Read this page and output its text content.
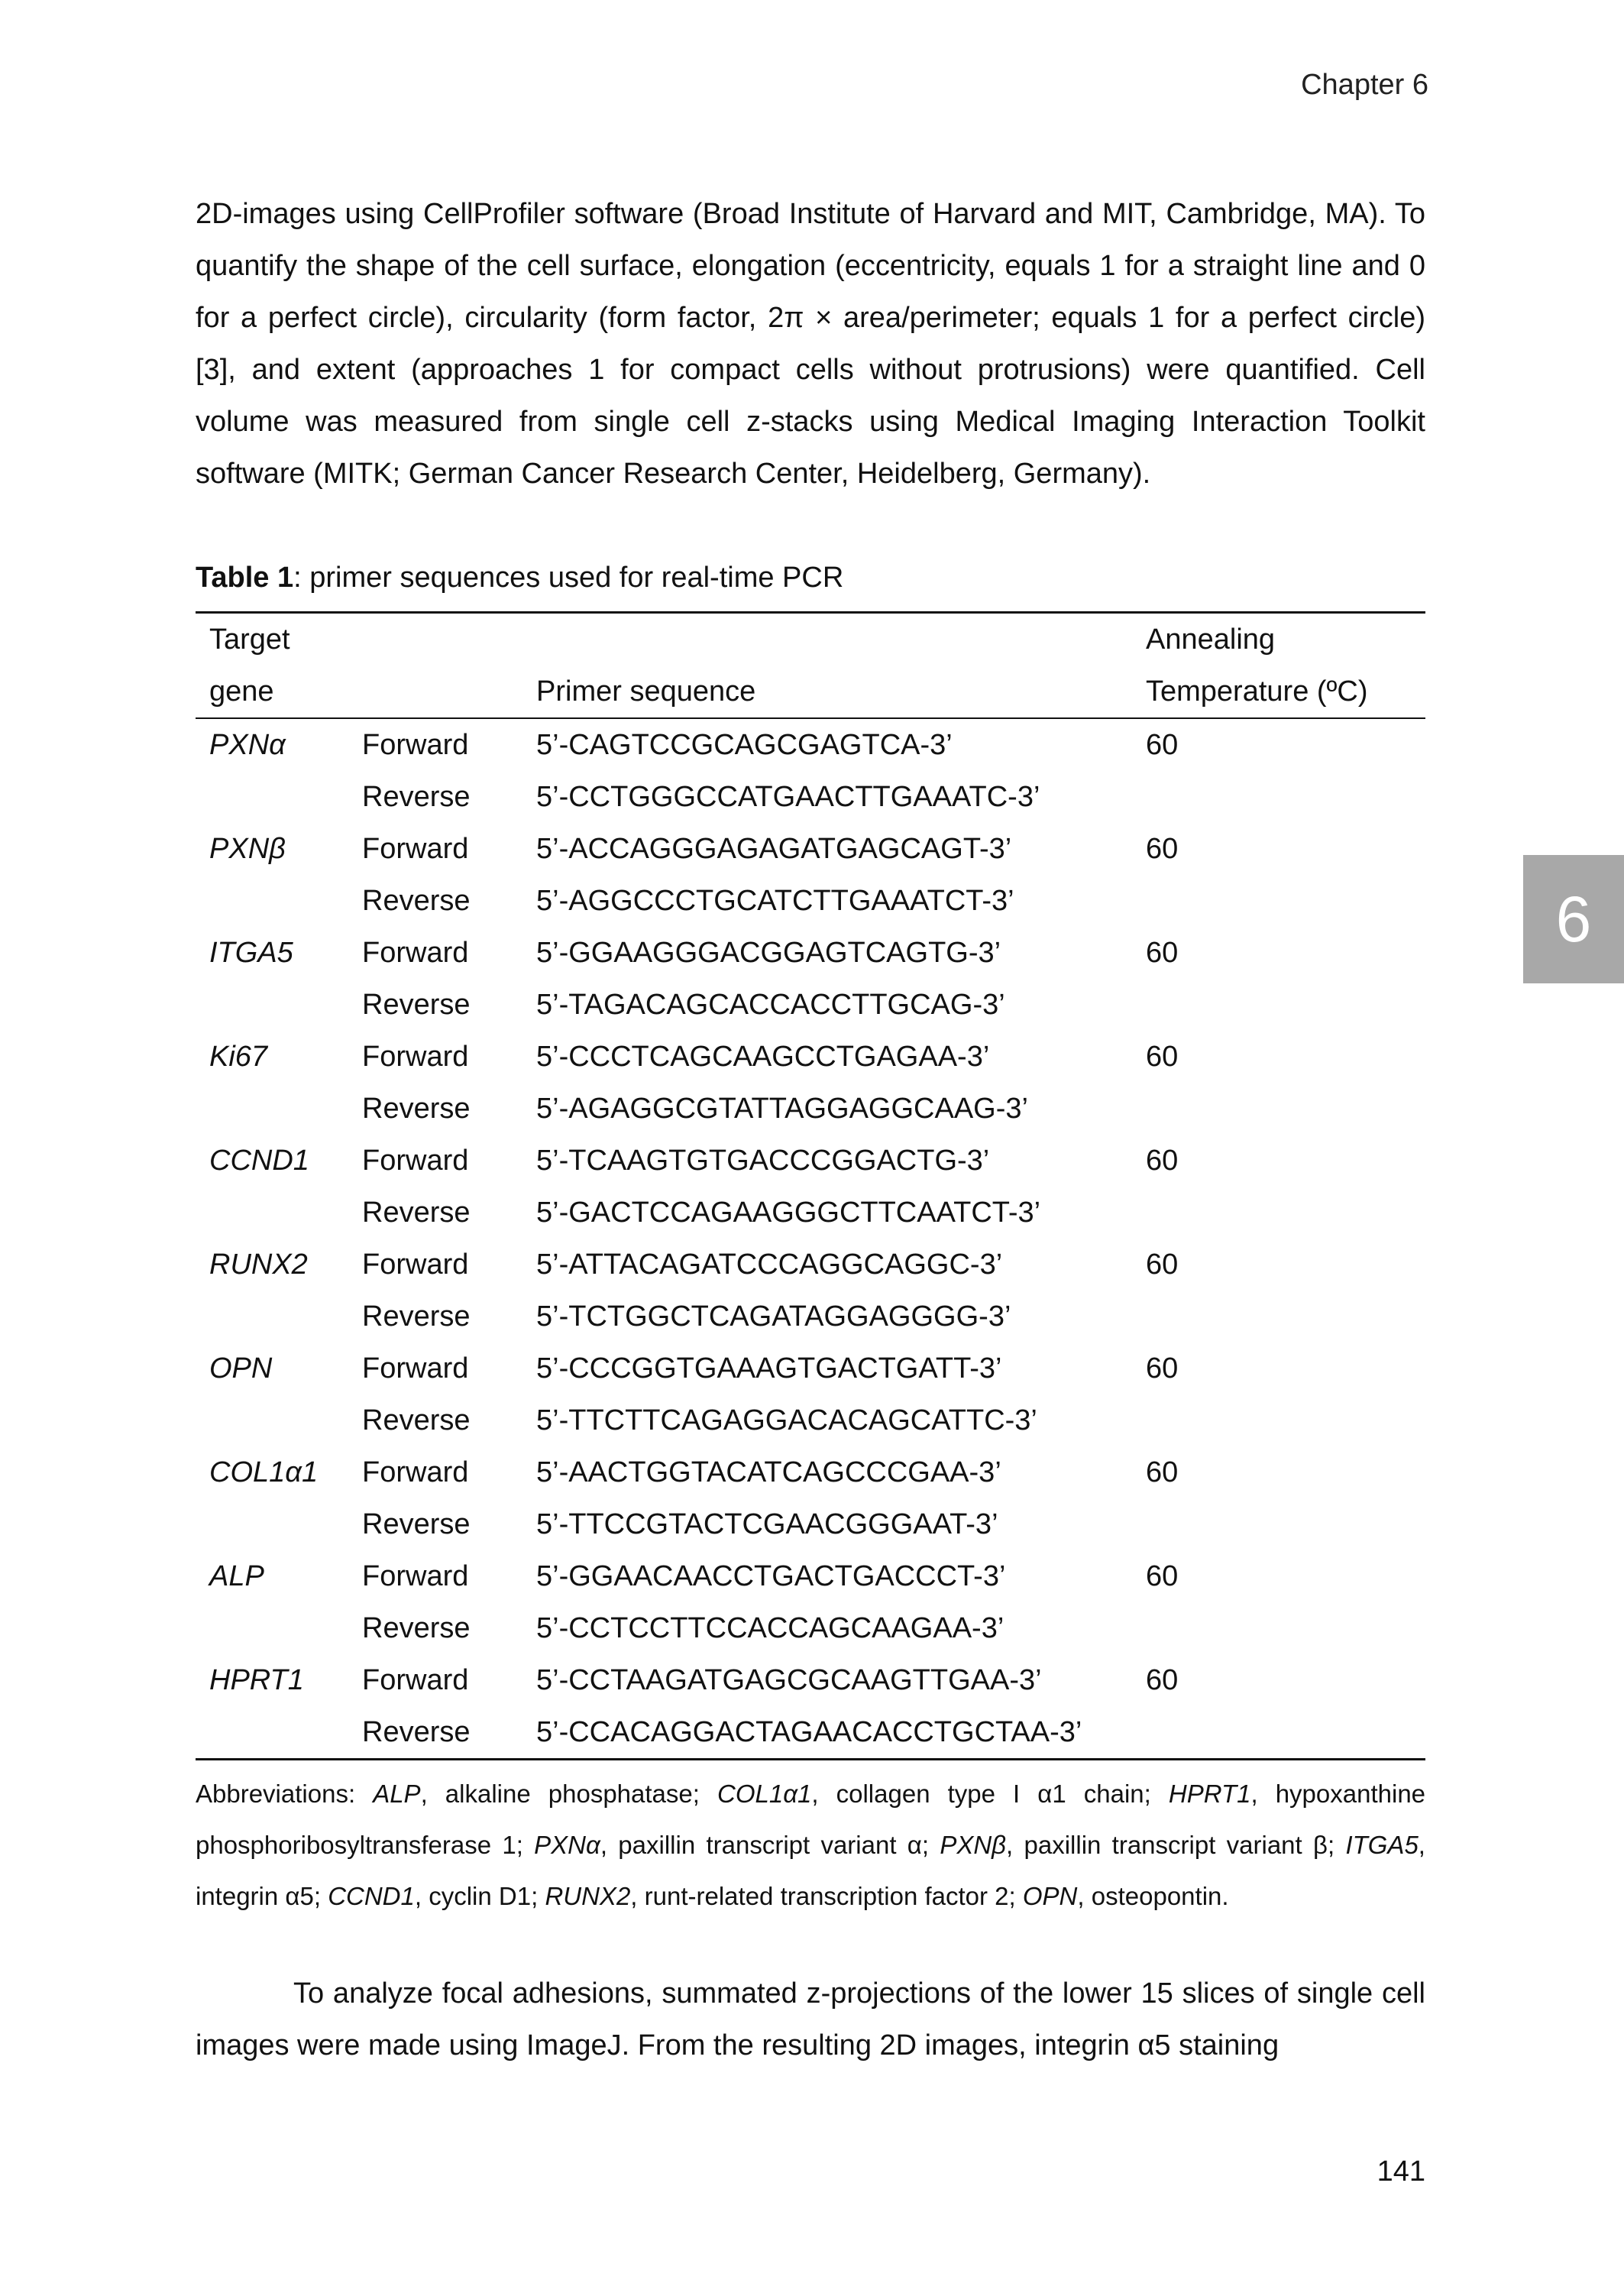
Chapter 6
6

2D-images using CellProfiler software (Broad Institute of Harvard and MIT, Cambridge, MA). To quantify the shape of the cell surface, elongation (eccentricity, equals 1 for a straight line and 0 for a perfect circle), circularity (form factor, 2π × area/perimeter; equals 1 for a perfect circle) [3], and extent (approaches 1 for compact cells without protrusions) were quantified. Cell volume was measured from single cell z-stacks using Medical Imaging Interaction Toolkit software (MITK; German Cancer Research Center, Heidelberg, Germany).

Table 1: primer sequences used for real-time PCR
Target			Annealing
gene		Primer sequence	Temperature (ºC)
PXNα	Forward	5’-CAGTCCGCAGCGAGTCA-3’	60
	Reverse	5’-CCTGGGCCATGAACTTGAAATC-3’	
PXNβ	Forward	5’-ACCAGGGAGAGATGAGCAGT-3’	60
	Reverse	5’-AGGCCCTGCATCTTGAAATCT-3’	
ITGA5	Forward	5’-GGAAGGGACGGAGTCAGTG-3’	60
	Reverse	5’-TAGACAGCACCACCTTGCAG-3’	
Ki67	Forward	5’-CCCTCAGCAAGCCTGAGAA-3’	60
	Reverse	5’-AGAGGCGTATTAGGAGGCAAG-3’	
CCND1	Forward	5’-TCAAGTGTGACCCGGACTG-3’	60
	Reverse	5’-GACTCCAGAAGGGCTTCAATCT-3’	
RUNX2	Forward	5’-ATTACAGATCCCAGGCAGGC-3’	60
	Reverse	5’-TCTGGCTCAGATAGGAGGGG-3’	
OPN	Forward	5’-CCCGGTGAAAGTGACTGATT-3’	60
	Reverse	5’-TTCTTCAGAGGACACAGCATTC-3’	
COL1α1	Forward	5’-AACTGGTACATCAGCCCGAA-3’	60
	Reverse	5’-TTCCGTACTCGAACGGGAAT-3’	
ALP	Forward	5’-GGAACAACCTGACTGACCCT-3’	60
	Reverse	5’-CCTCCTTCCACCAGCAAGAA-3’	
HPRT1	Forward	5’-CCTAAGATGAGCGCAAGTTGAA-3’	60
	Reverse	5’-CCACAGGACTAGAACACCTGCTAA-3’	

Abbreviations: ALP, alkaline phosphatase; COL1α1, collagen type I α1 chain; HPRT1, hypoxanthine phosphoribosyltransferase 1; PXNα, paxillin transcript variant α; PXNβ, paxillin transcript variant β; ITGA5, integrin α5; CCND1, cyclin D1; RUNX2, runt-related transcription factor 2; OPN, osteopontin.

To analyze focal adhesions, summated z-projections of the lower 15 slices of single cell images were made using ImageJ. From the resulting 2D images, integrin α5 staining

141
